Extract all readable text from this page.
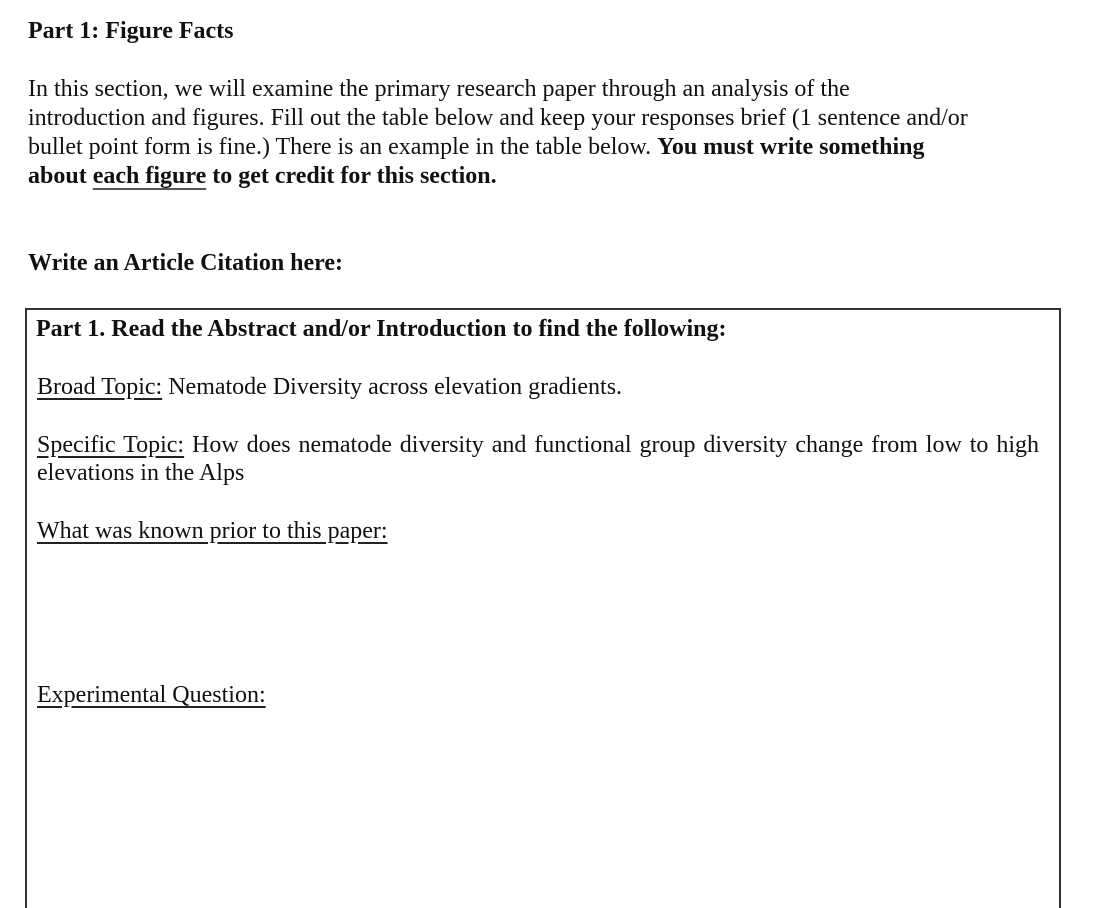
Part 1: Figure Facts

In this section, we will examine the primary research paper through an analysis of the introduction and figures. Fill out the table below and keep your responses brief (1 sentence and/or bullet point form is fine.) There is an example in the table below. You must write something about each figure to get credit for this section.

Write an Article Citation here:

Part 1. Read the Abstract and/or Introduction to find the following:

Broad Topic: Nematode Diversity across elevation gradients.

Specific Topic: How does nematode diversity and functional group diversity change from low to high elevations in the Alps

What was known prior to this paper:

Experimental Question:
